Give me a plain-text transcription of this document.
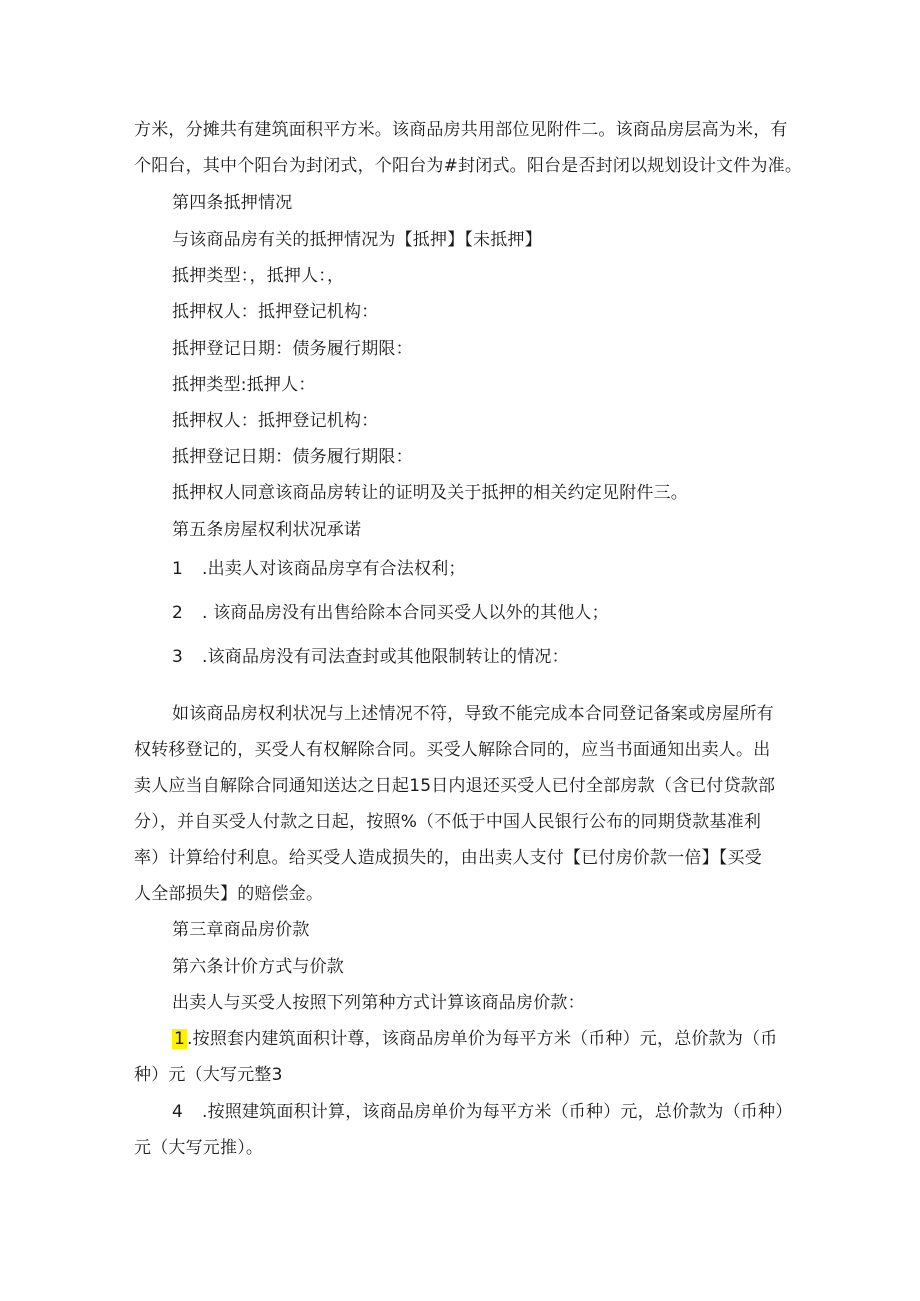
方米，分摊共有建筑面积平方米。该商品房共用部位见附件二。该商品房层高为米，有
个阳台，其中个阳台为封闭式，个阳台为#封闭式。阳台是否封闭以规划设计文件为准。
第四条抵押情况
与该商品房有关的抵押情况为【抵押】【未抵押】
抵押类型：，抵押人：，
抵押权人：抵押登记机构：
抵押登记日期：债务履行期限：
抵押类型:抵押人：
抵押权人：抵押登记机构：
抵押登记日期：债务履行期限：
抵押权人同意该商品房转让的证明及关于抵押的相关约定见附件三。
第五条房屋权利状况承诺
1 .出卖人对该商品房享有合法权利；
2 . 该商品房没有出售给除本合同买受人以外的其他人；
3 .该商品房没有司法查封或其他限制转让的情况：
如该商品房权利状况与上述情况不符，导致不能完成本合同登记备案或房屋所有
权转移登记的，买受人有权解除合同。买受人解除合同的，应当书面通知出卖人。出
卖人应当自解除合同通知送达之日起15日内退还买受人已付全部房款（含已付贷款部
分），并自买受人付款之日起，按照%（不低于中国人民银行公布的同期贷款基准利
率）计算给付利息。给买受人造成损失的，由出卖人支付【已付房价款一倍】【买受
人全部损失】的赔偿金。
第三章商品房价款
第六条计价方式与价款
出卖人与买受人按照下列第种方式计算该商品房价款：
1 .按照套内建筑面积计尊，该商品房单价为每平方米（币种）元，总价款为（币
种）元（大写元整3
4 .按照建筑面积计算，该商品房单价为每平方米（币种）元，总价款为（币种）
元（大写元推）。
